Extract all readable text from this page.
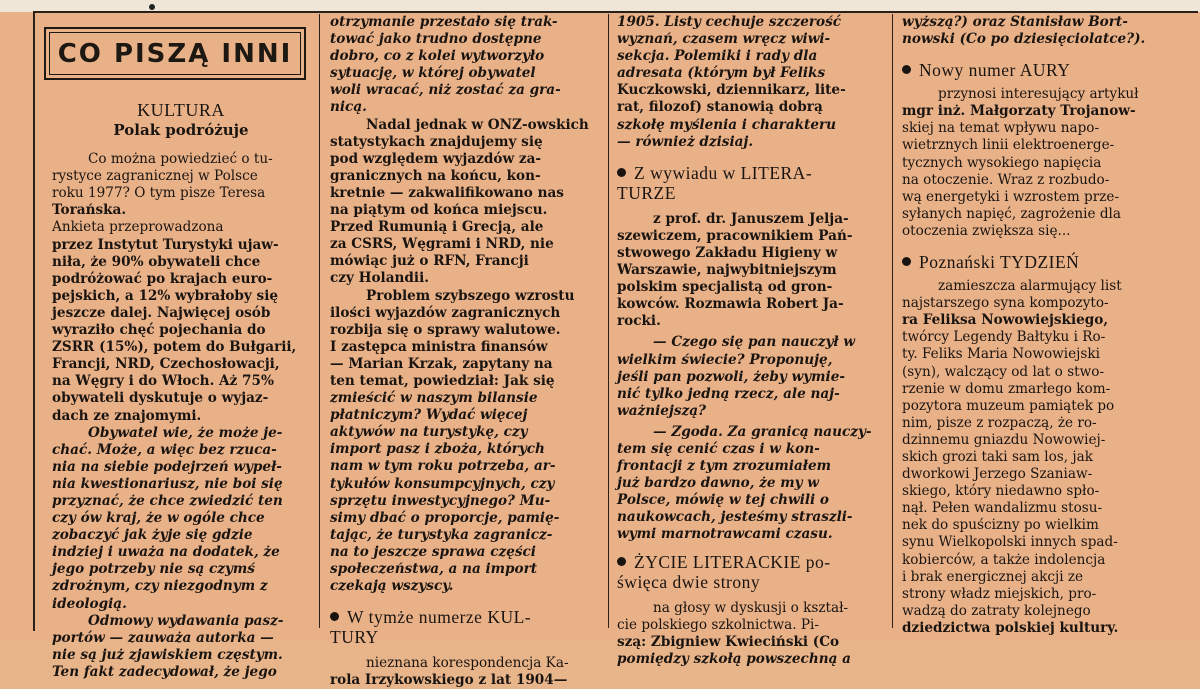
CO PISZĄ INNI

KULTURA

Polak podróżuje

Co można powiedzieć o tu-

rystyce zagranicznej w Polsce

roku 1977? O tym pisze Teresa

Torańska.

Ankieta przeprowadzona

przez Instytut Turystyki ujaw-

niła, że 90% obywateli chce

podróżować po krajach euro-

pejskich, a 12% wybrałoby się

jeszcze dalej. Najwięcej osób

wyraziło chęć pojechania do

ZSRR (15%), potem do Bułgarii,

Francji, NRD, Czechosłowacji,

na Węgry i do Włoch. Aż 75%

obywateli dyskutuje o wyjaz-

dach ze znajomymi.

Obywatel wie, że może je-

chać. Może, a więc bez rzuca-

nia na siebie podejrzeń wypeł-

nia kwestionariusz, nie boi się

przyznać, że chce zwiedzić ten

czy ów kraj, że w ogóle chce

zobaczyć jak żyje się gdzie

indziej i uważa na dodatek, że

jego potrzeby nie są czymś

zdrożnym, czy niezgodnym z

ideologią.

Odmowy wydawania pasz-

portów — zauważa autorka —

nie są już zjawiskiem częstym.

Ten fakt zadecydował, że jego

otrzymanie przestało się trak-

tować jako trudno dostępne

dobro, co z kolei wytworzyło

sytuację, w której obywatel

woli wracać, niż zostać za gra-

nicą.

Nadal jednak w ONZ-owskich

statystykach znajdujemy się

pod względem wyjazdów za-

granicznych na końcu, kon-

kretnie — zakwalifikowano nas

na piątym od końca miejscu.

Przed Rumunią i Grecją, ale

za CSRS, Węgrami i NRD, nie

mówiąc już o RFN, Francji

czy Holandii.

Problem szybszego wzrostu

ilości wyjazdów zagranicznych

rozbija się o sprawy walutowe.

I zastępca ministra finansów

— Marian Krzak, zapytany na

ten temat, powiedział: Jak się

zmieścić w naszym bilansie

płatniczym? Wydać więcej

aktywów na turystykę, czy

import pasz i zboża, których

nam w tym roku potrzeba, ar-

tykułów konsumpcyjnych, czy

sprzętu inwestycyjnego? Mu-

simy dbać o proporcje, pamię-

tając, że turystyka zagranicz-

na to jeszcze sprawa części

społeczeństwa, a na import

czekają wszyscy.

W tymże numerze KUL-

TURY

nieznana korespondencja Ka-

rola Irzykowskiego z lat 1904—

1905. Listy cechuje szczerość

wyznań, czasem wręcz wiwi-

sekcja. Polemiki i rady dla

adresata (którym był Feliks

Kuczkowski, dziennikarz, lite-

rat, filozof) stanowią dobrą

szkołę myślenia i charakteru

— również dzisiaj.

Z wywiadu w LITERA-

TURZE

z prof. dr. Januszem Jelja-

szewiczem, pracownikiem Pań-

stwowego Zakładu Higieny w

Warszawie, najwybitniejszym

polskim specjalistą od gron-

kowców. Rozmawia Robert Ja-

rocki.

— Czego się pan nauczył w

wielkim świecie? Proponuję,

jeśli pan pozwoli, żeby wymie-

nić tylko jedną rzecz, ale naj-

ważniejszą?

— Zgoda. Za granicą nauczy-

tem się cenić czas i w kon-

frontacji z tym zrozumiałem

już bardzo dawno, że my w

Polsce, mówię w tej chwili o

naukowcach, jesteśmy straszli-

wymi marnotrawcami czasu.

ŻYCIE LITERACKIE po-

święca dwie strony

na głosy w dyskusji o kształ-

cie polskiego szkolnictwa. Pi-

szą: Zbigniew Kwieciński (Co

pomiędzy szkołą powszechną a

wyższą?) oraz Stanisław Bort-

nowski (Co po dziesięciolatce?).

Nowy numer AURY

przynosi interesujący artykuł

mgr inż. Małgorzaty Trojanow-

skiej na temat wpływu napo-

wietrznych linii elektroenerge-

tycznych wysokiego napięcia

na otoczenie. Wraz z rozbudo-

wą energetyki i wzrostem prze-

syłanych napięć, zagrożenie dla

otoczenia zwiększa się...

Poznański TYDZIEŃ

zamieszcza alarmujący list

najstarszego syna kompozyto-

ra Feliksa Nowowiejskiego,

twórcy Legendy Bałtyku i Ro-

ty. Feliks Maria Nowowiejski

(syn), walczący od lat o stwo-

rzenie w domu zmarłego kom-

pozytora muzeum pamiątek po

nim, pisze z rozpaczą, że ro-

dzinnemu gniazdu Nowowiej-

skich grozi taki sam los, jak

dworkowi Jerzego Szaniaw-

skiego, który niedawno spło-

nął. Pełen wandalizmu stosu-

nek do spuścizny po wielkim

synu Wielkopolski innych spad-

kobierców, a także indolencja

i brak energicznej akcji ze

strony władz miejskich, pro-

wadzą do zatraty kolejnego

dziedzictwa polskiej kultury.
